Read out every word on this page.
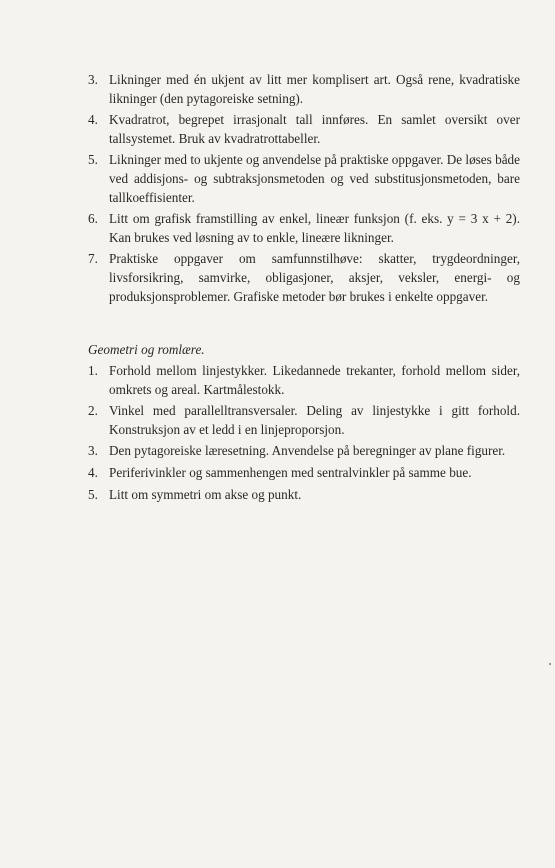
3. Likninger med én ukjent av litt mer komplisert art. Også rene, kvadratiske likninger (den pytagoreiske setning).
4. Kvadratrot, begrepet irrasjonalt tall innføres. En samlet oversikt over tallsystemet. Bruk av kvadratrottabeller.
5. Likninger med to ukjente og anvendelse på praktiske oppgaver. De løses både ved addisjons- og subtraksjonsmetoden og ved substitusjonsmetoden, bare tallkoeffisienter.
6. Litt om grafisk framstilling av enkel, lineær funksjon (f. eks. y = 3 x + 2). Kan brukes ved løsning av to enkle, lineære likninger.
7. Praktiske oppgaver om samfunnstilhøve: skatter, trygdeordninger, livsforsikring, samvirke, obligasjoner, aksjer, veksler, energi- og produksjonsproblemer. Grafiske metoder bør brukes i enkelte oppgaver.
Geometri og romlære.
1. Forhold mellom linjestykker. Likedannede trekanter, forhold mellom sider, omkrets og areal. Kartmålestokk.
2. Vinkel med parallelltransversaler. Deling av linjestykke i gitt forhold. Konstruksjon av et ledd i en linjeproporsjon.
3. Den pytagoreiske læresetning. Anvendelse på beregninger av plane figurer.
4. Periferivinkler og sammenhengen med sentralvinkler på samme bue.
5. Litt om symmetri om akse og punkt.
